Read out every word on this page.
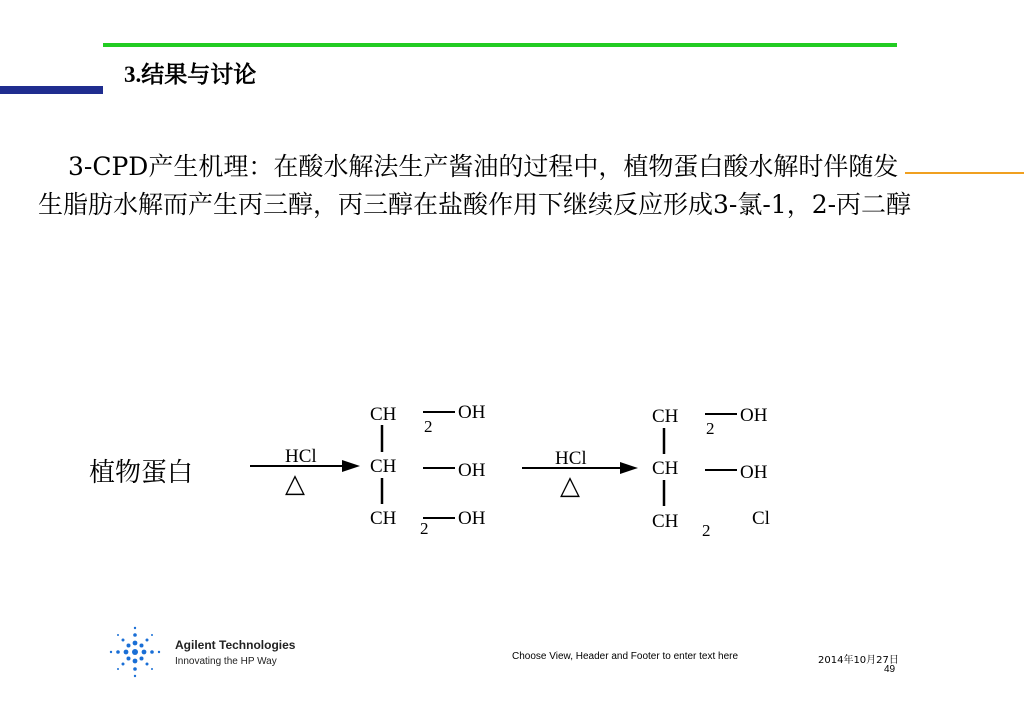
3.结果与讨论
3-CPD产生机理：在酸水解法生产酱油的过程中，植物蛋白酸水解时伴随发生脂肪水解而产生丙三醇，丙三醇在盐酸作用下继续反应形成3-氯-1，2-丙二醇
植物蛋白
HCl
△
CH
2
OH
CH	OH
CH 2 OH
HCl
△
CH
2
OH
CH	OH
CH 2
Cl
Agilent Technologies
Innovating the HP Way	Choose View, Header and Footer to enter text here	2014年10月27日
49
